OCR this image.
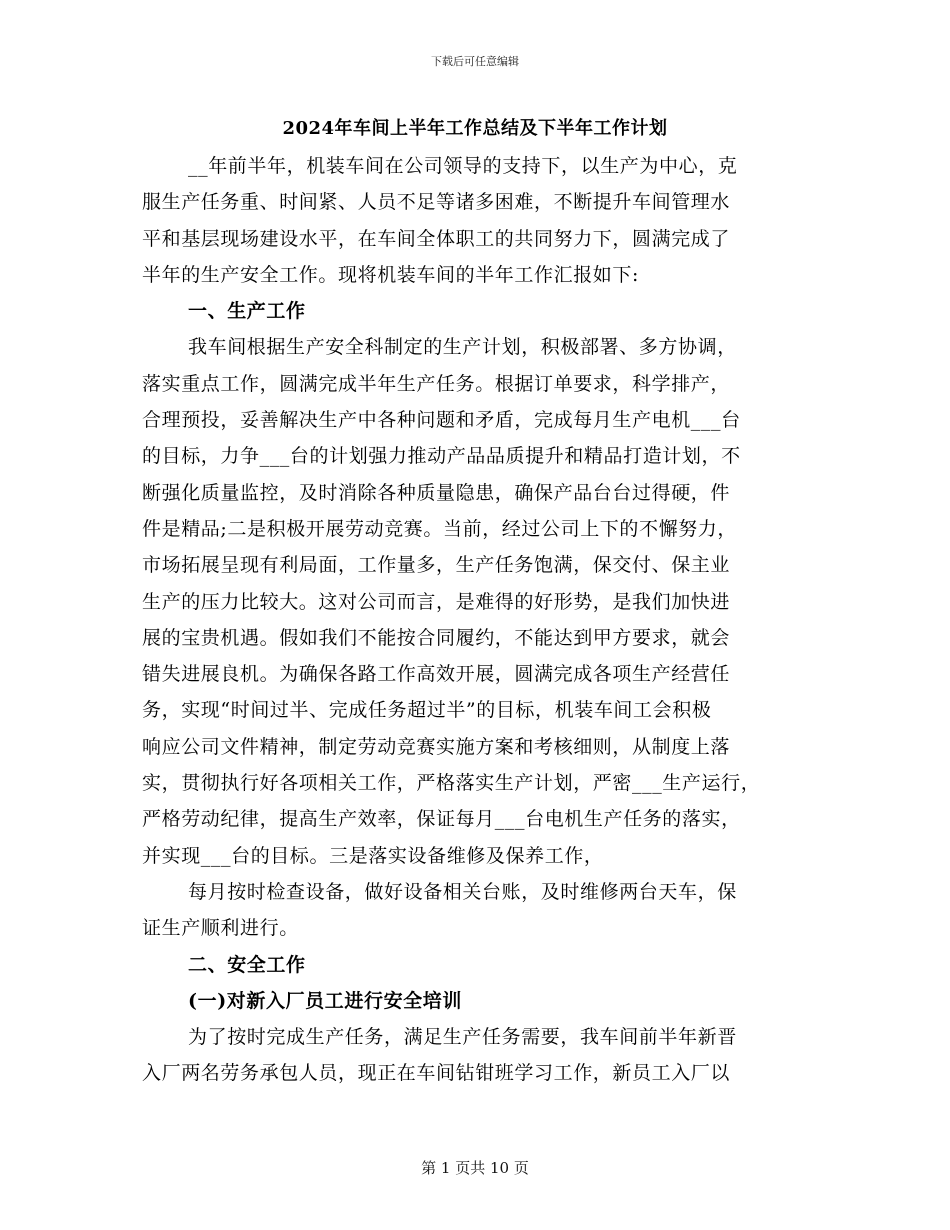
下载后可任意编辑
2024年车间上半年工作总结及下半年工作计划
__年前半年，机装车间在公司领导的支持下，以生产为中心，克
服生产任务重、时间紧、人员不足等诸多困难，不断提升车间管理水
平和基层现场建设水平，在车间全体职工的共同努力下，圆满完成了
半年的生产安全工作。现将机装车间的半年工作汇报如下:
一、生产工作
我车间根据生产安全科制定的生产计划，积极部署、多方协调，
落实重点工作，圆满完成半年生产任务。根据订单要求，科学排产，
合理预投，妥善解决生产中各种问题和矛盾，完成每月生产电机___台
的目标，力争___台的计划强力推动产品品质提升和精品打造计划，不
断强化质量监控，及时消除各种质量隐患，确保产品台台过得硬，件
件是精品;二是积极开展劳动竞赛。当前，经过公司上下的不懈努力，
市场拓展呈现有利局面，工作量多，生产任务饱满，保交付、保主业
生产的压力比较大。这对公司而言，是难得的好形势，是我们加快进
展的宝贵机遇。假如我们不能按合同履约，不能达到甲方要求，就会
错失进展良机。为确保各路工作高效开展，圆满完成各项生产经营任
务，实现“时间过半、完成任务超过半”的目标，机装车间工会积极
响应公司文件精神，制定劳动竞赛实施方案和考核细则，从制度上落
实，贯彻执行好各项相关工作，严格落实生产计划，严密___生产运行，
严格劳动纪律，提高生产效率，保证每月___台电机生产任务的落实，
并实现___台的目标。三是落实设备维修及保养工作，
每月按时检查设备，做好设备相关台账，及时维修两台天车，保
证生产顺利进行。
二、安全工作
(一)对新入厂员工进行安全培训
为了按时完成生产任务，满足生产任务需要，我车间前半年新晋
入厂两名劳务承包人员，现正在车间钻钳班学习工作，新员工入厂以
第 1 页共 10 页
